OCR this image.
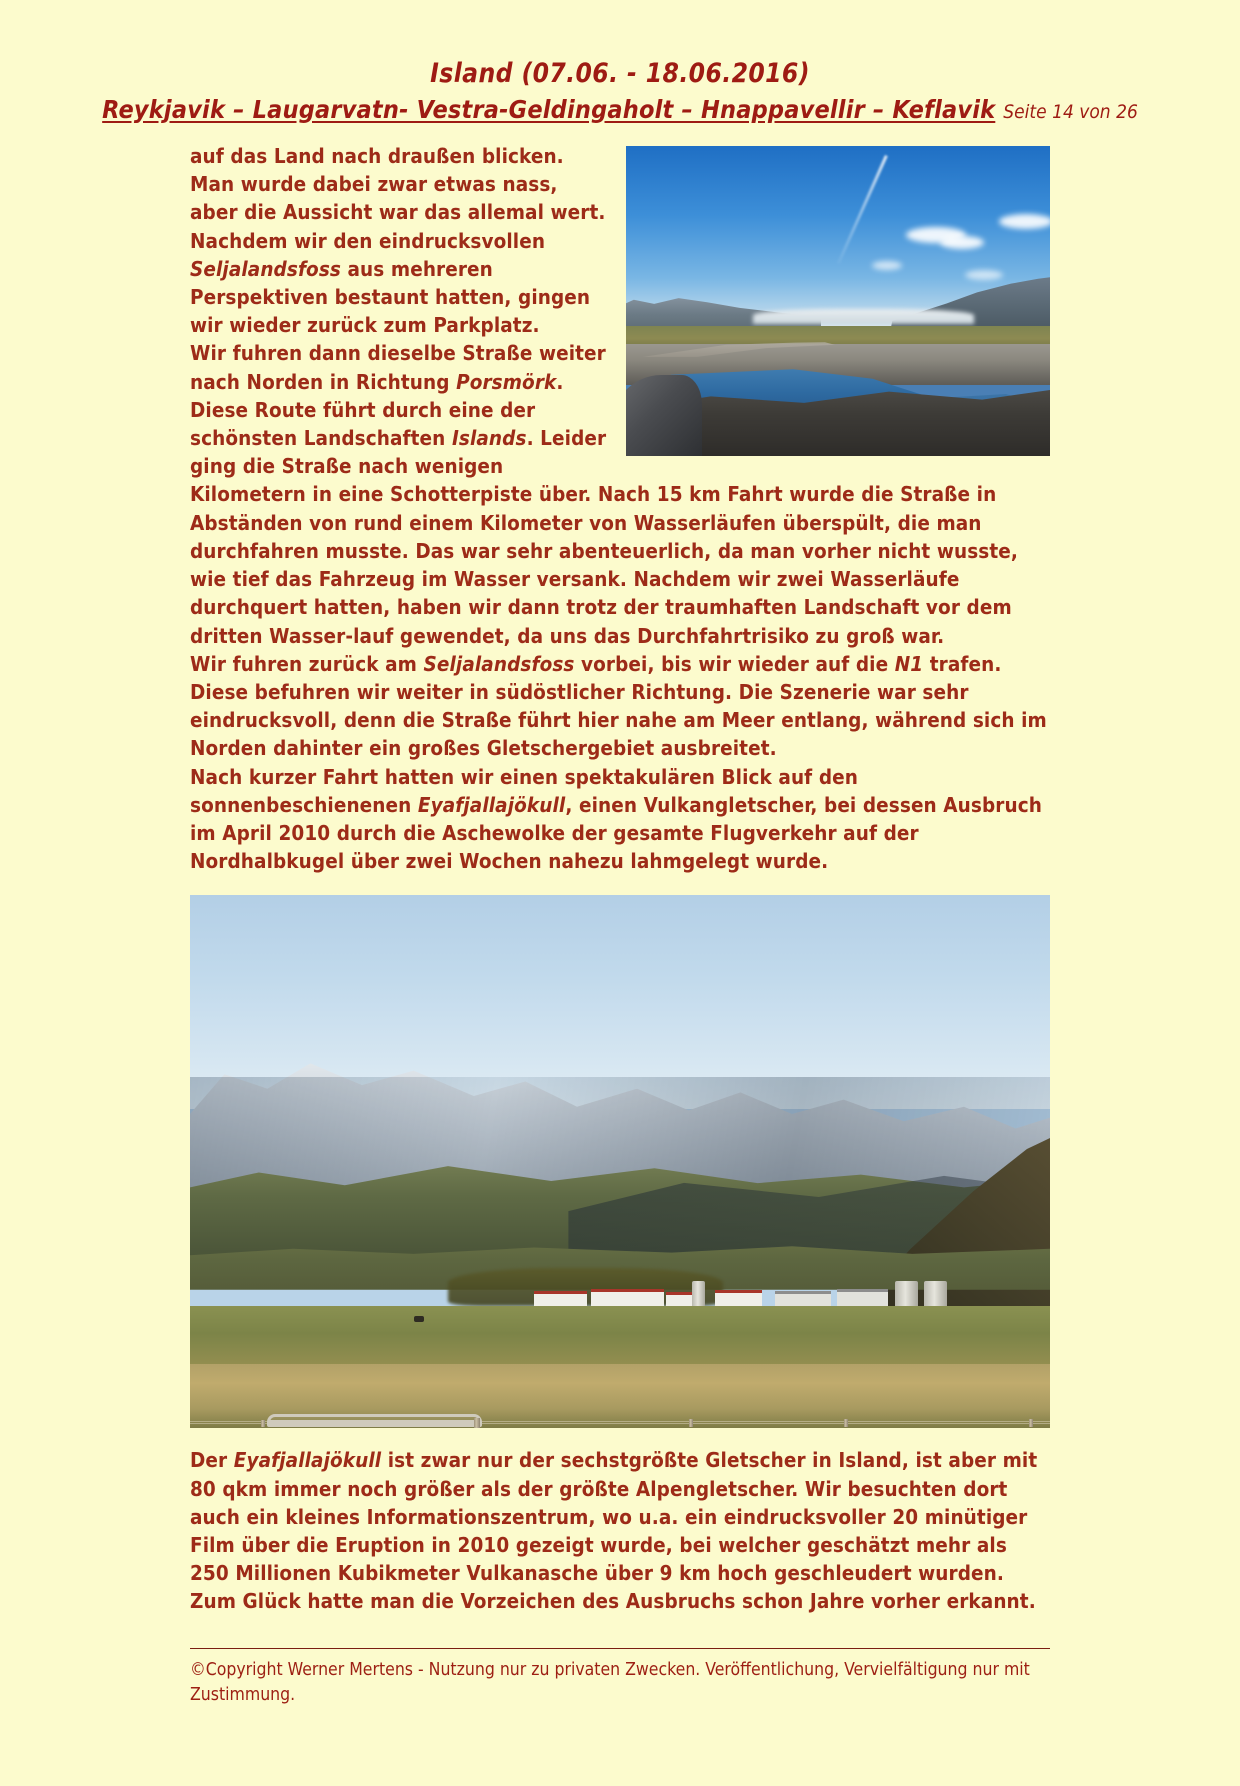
Island (07.06. - 18.06.2016)
Reykjavik – Laugarvatn- Vestra-Geldingaholt – Hnappavellir – Keflavik Seite 14 von 26

auf das Land nach draußen blicken. Man wurde dabei zwar etwas nass, aber die Aussicht war das allemal wert. Nachdem wir den eindrucksvollen Seljalandsfoss aus mehreren Perspektiven bestaunt hatten, gingen wir wieder zurück zum Parkplatz.

Wir fuhren dann dieselbe Straße weiter nach Norden in Richtung Porsmörk. Diese Route führt durch eine der schönsten Landschaften Islands. Leider ging die Straße nach wenigen Kilometern in eine Schotterpiste über. Nach 15 km Fahrt wurde die Straße in Abständen von rund einem Kilometer von Wasserläufen überspült, die man durchfahren musste. Das war sehr abenteuerlich, da man vorher nicht wusste, wie tief das Fahrzeug im Wasser versank. Nachdem wir zwei Wasserläufe durchquert hatten, haben wir dann trotz der traumhaften Landschaft vor dem dritten Wasser-lauf gewendet, da uns das Durchfahrtrisiko zu groß war.

Wir fuhren zurück am Seljalandsfoss vorbei, bis wir wieder auf die N1 trafen. Diese befuhren wir weiter in südöstlicher Richtung. Die Szenerie war sehr eindrucksvoll, denn die Straße führt hier nahe am Meer entlang, während sich im Norden dahinter ein großes Gletschergebiet ausbreitet.

Nach kurzer Fahrt hatten wir einen spektakulären Blick auf den sonnenbeschienenen Eyafjallajökull, einen Vulkangletscher, bei dessen Ausbruch im April 2010 durch die Aschewolke der gesamte Flugverkehr auf der Nordhalbkugel über zwei Wochen nahezu lahmgelegt wurde.

Der Eyafjallajökull ist zwar nur der sechstgrößte Gletscher in Island, ist aber mit 80 qkm immer noch größer als der größte Alpengletscher. Wir besuchten dort auch ein kleines Informationszentrum, wo u.a. ein eindrucksvoller 20 minütiger Film über die Eruption in 2010 gezeigt wurde, bei welcher geschätzt mehr als 250 Millionen Kubikmeter Vulkanasche über 9 km hoch geschleudert wurden. Zum Glück hatte man die Vorzeichen des Ausbruchs schon Jahre vorher erkannt.

©Copyright Werner Mertens - Nutzung nur zu privaten Zwecken. Veröffentlichung, Vervielfältigung nur mit Zustimmung.
